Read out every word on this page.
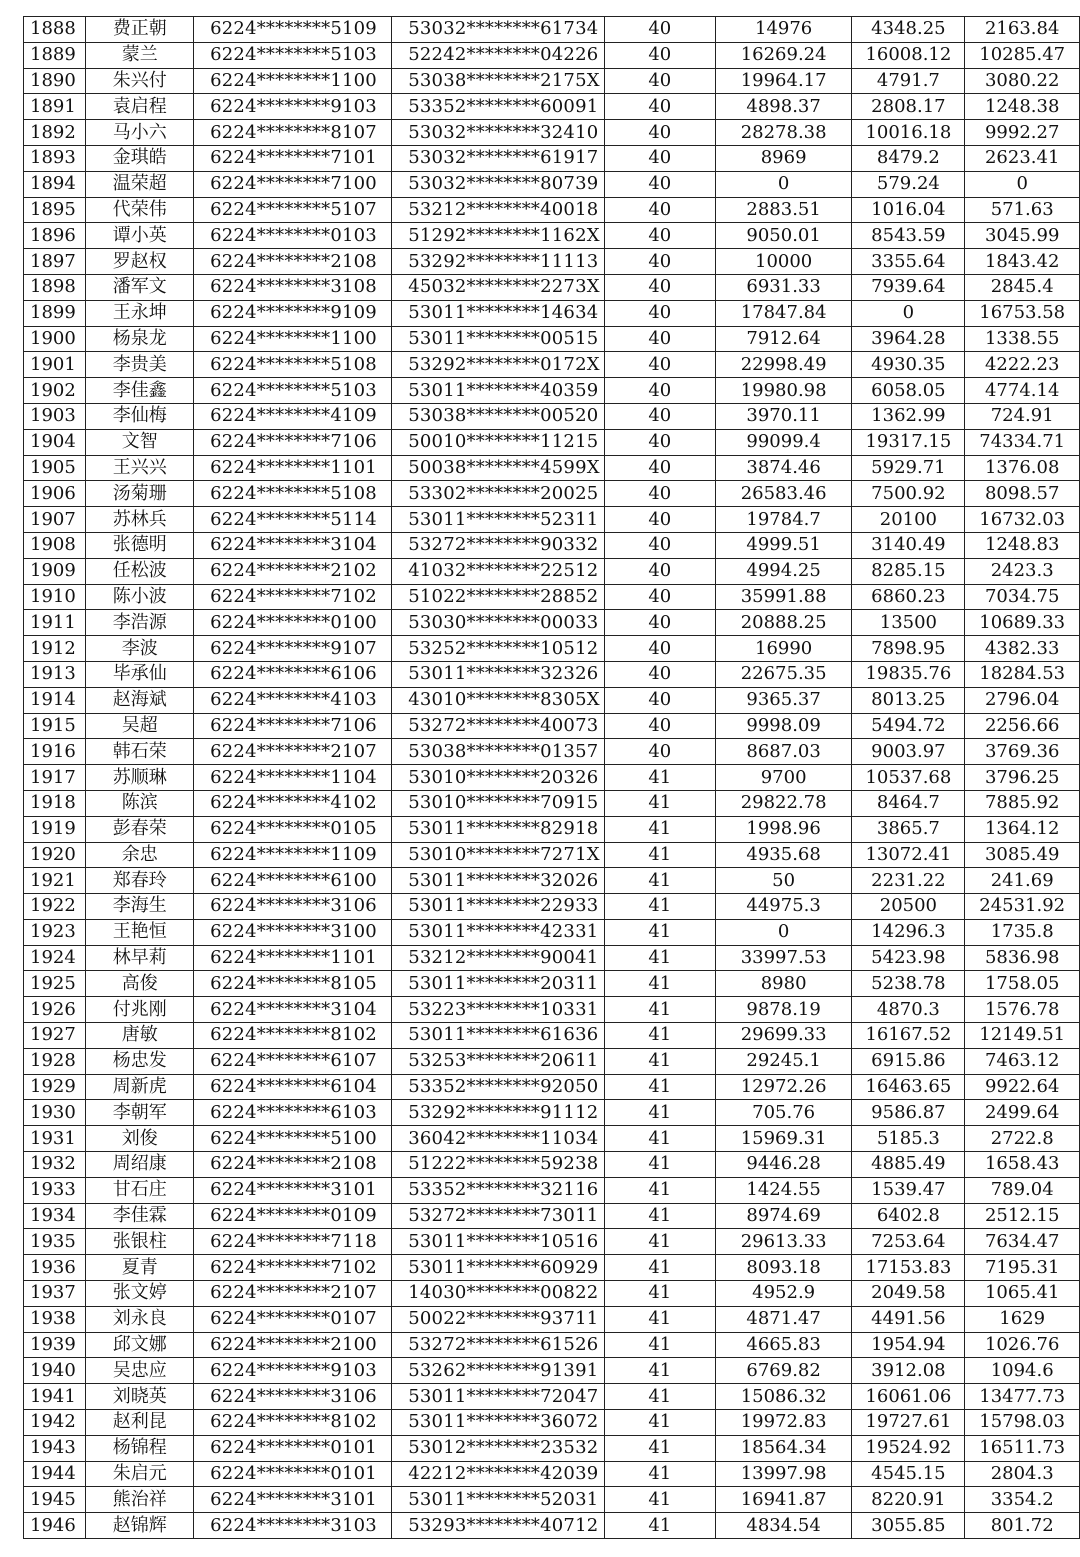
1888	费正朝	6224********5109	53032********61734	40	14976	4348.25	2163.84
1889	蒙兰	6224********5103	52242********04226	40	16269.24	16008.12	10285.47
1890	朱兴付	6224********1100	53038********2175X	40	19964.17	4791.7	3080.22
1891	袁启程	6224********9103	53352********60091	40	4898.37	2808.17	1248.38
1892	马小六	6224********8107	53032********32410	40	28278.38	10016.18	9992.27
1893	金琪皓	6224********7101	53032********61917	40	8969	8479.2	2623.41
1894	温荣超	6224********7100	53032********80739	40	0	579.24	0
1895	代荣伟	6224********5107	53212********40018	40	2883.51	1016.04	571.63
1896	谭小英	6224********0103	51292********1162X	40	9050.01	8543.59	3045.99
1897	罗赵权	6224********2108	53292********11113	40	10000	3355.64	1843.42
1898	潘军文	6224********3108	45032********2273X	40	6931.33	7939.64	2845.4
1899	王永坤	6224********9109	53011********14634	40	17847.84	0	16753.58
1900	杨泉龙	6224********1100	53011********00515	40	7912.64	3964.28	1338.55
1901	李贵美	6224********5108	53292********0172X	40	22998.49	4930.35	4222.23
1902	李佳鑫	6224********5103	53011********40359	40	19980.98	6058.05	4774.14
1903	李仙梅	6224********4109	53038********00520	40	3970.11	1362.99	724.91
1904	文智	6224********7106	50010********11215	40	99099.4	19317.15	74334.71
1905	王兴兴	6224********1101	50038********4599X	40	3874.46	5929.71	1376.08
1906	汤菊珊	6224********5108	53302********20025	40	26583.46	7500.92	8098.57
1907	苏林兵	6224********5114	53011********52311	40	19784.7	20100	16732.03
1908	张德明	6224********3104	53272********90332	40	4999.51	3140.49	1248.83
1909	任松波	6224********2102	41032********22512	40	4994.25	8285.15	2423.3
1910	陈小波	6224********7102	51022********28852	40	35991.88	6860.23	7034.75
1911	李浩源	6224********0100	53030********00033	40	20888.25	13500	10689.33
1912	李波	6224********9107	53252********10512	40	16990	7898.95	4382.33
1913	毕承仙	6224********6106	53011********32326	40	22675.35	19835.76	18284.53
1914	赵海斌	6224********4103	43010********8305X	40	9365.37	8013.25	2796.04
1915	吴超	6224********7106	53272********40073	40	9998.09	5494.72	2256.66
1916	韩石荣	6224********2107	53038********01357	40	8687.03	9003.97	3769.36
1917	苏顺琳	6224********1104	53010********20326	41	9700	10537.68	3796.25
1918	陈滨	6224********4102	53010********70915	41	29822.78	8464.7	7885.92
1919	彭春荣	6224********0105	53011********82918	41	1998.96	3865.7	1364.12
1920	余忠	6224********1109	53010********7271X	41	4935.68	13072.41	3085.49
1921	郑春玲	6224********6100	53011********32026	41	50	2231.22	241.69
1922	李海生	6224********3106	53011********22933	41	44975.3	20500	24531.92
1923	王艳恒	6224********3100	53011********42331	41	0	14296.3	1735.8
1924	林早莉	6224********1101	53212********90041	41	33997.53	5423.98	5836.98
1925	高俊	6224********8105	53011********20311	41	8980	5238.78	1758.05
1926	付兆刚	6224********3104	53223********10331	41	9878.19	4870.3	1576.78
1927	唐敏	6224********8102	53011********61636	41	29699.33	16167.52	12149.51
1928	杨忠发	6224********6107	53253********20611	41	29245.1	6915.86	7463.12
1929	周新虎	6224********6104	53352********92050	41	12972.26	16463.65	9922.64
1930	李朝军	6224********6103	53292********91112	41	705.76	9586.87	2499.64
1931	刘俊	6224********5100	36042********11034	41	15969.31	5185.3	2722.8
1932	周绍康	6224********2108	51222********59238	41	9446.28	4885.49	1658.43
1933	甘石庄	6224********3101	53352********32116	41	1424.55	1539.47	789.04
1934	李佳霖	6224********0109	53272********73011	41	8974.69	6402.8	2512.15
1935	张银柱	6224********7118	53011********10516	41	29613.33	7253.64	7634.47
1936	夏青	6224********7102	53011********60929	41	8093.18	17153.83	7195.31
1937	张文婷	6224********2107	14030********00822	41	4952.9	2049.58	1065.41
1938	刘永良	6224********0107	50022********93711	41	4871.47	4491.56	1629
1939	邱文娜	6224********2100	53272********61526	41	4665.83	1954.94	1026.76
1940	吴忠应	6224********9103	53262********91391	41	6769.82	3912.08	1094.6
1941	刘晓英	6224********3106	53011********72047	41	15086.32	16061.06	13477.73
1942	赵利昆	6224********8102	53011********36072	41	19972.83	19727.61	15798.03
1943	杨锦程	6224********0101	53012********23532	41	18564.34	19524.92	16511.73
1944	朱启元	6224********0101	42212********42039	41	13997.98	4545.15	2804.3
1945	熊治祥	6224********3101	53011********52031	41	16941.87	8220.91	3354.2
1946	赵锦辉	6224********3103	53293********40712	41	4834.54	3055.85	801.72
